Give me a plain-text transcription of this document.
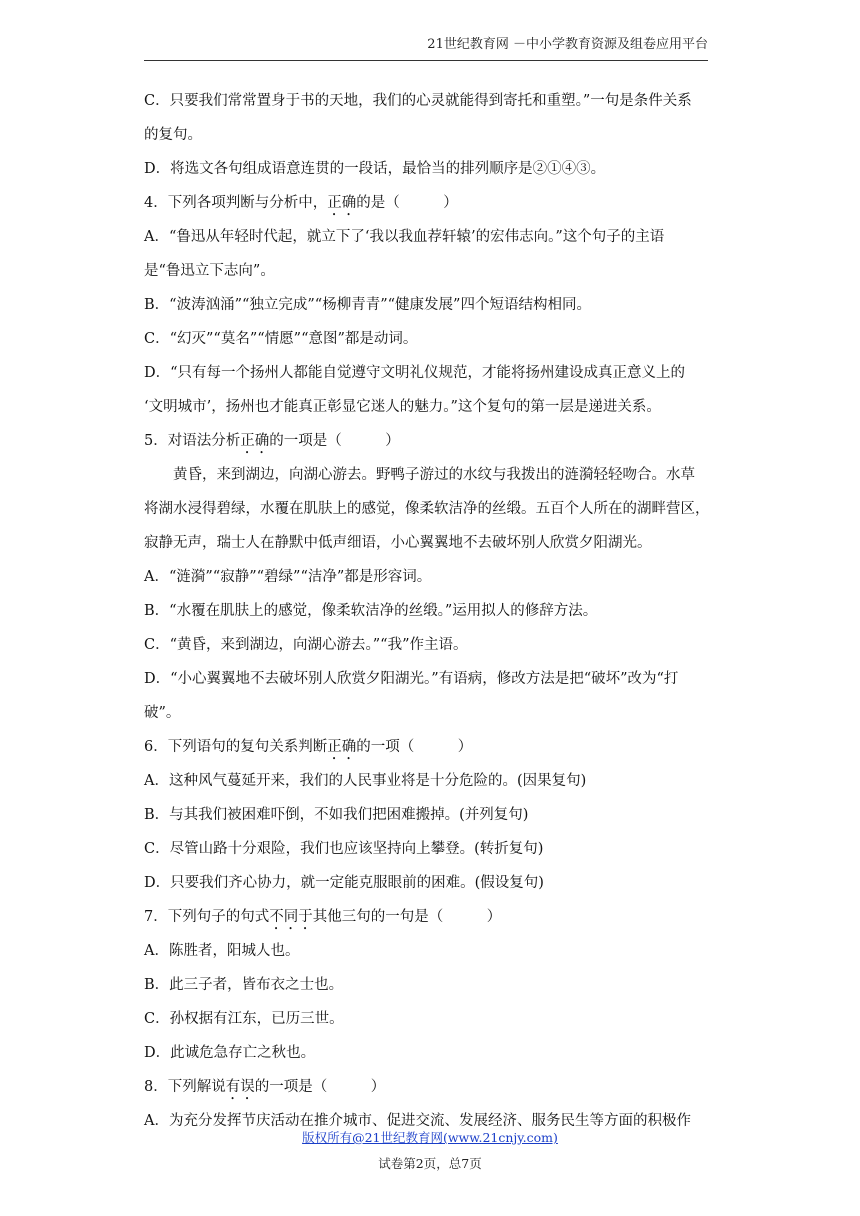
21世纪教育网 －中小学教育资源及组卷应用平台

C．只要我们常常置身于书的天地，我们的心灵就能得到寄托和重塑。”一句是条件关系

的复句。

D．将选文各句组成语意连贯的一段话，最恰当的排列顺序是②①④③。

4．下列各项判断与分析中，正确的是（　　　）

A．“鲁迅从年轻时代起，就立下了‘我以我血荐轩辕’的宏伟志向。”这个句子的主语

是“鲁迅立下志向”。

B．“波涛汹涌”“独立完成”“杨柳青青”“健康发展”四个短语结构相同。

C．“幻灭”“莫名”“情愿”“意图”都是动词。

D．“只有每一个扬州人都能自觉遵守文明礼仪规范，才能将扬州建设成真正意义上的

‘文明城市’，扬州也才能真正彰显它迷人的魅力。”这个复句的第一层是递进关系。

5．对语法分析正确的一项是（　　　）

黄昏，来到湖边，向湖心游去。野鸭子游过的水纹与我拨出的涟漪轻轻吻合。水草

将湖水浸得碧绿，水覆在肌肤上的感觉，像柔软洁净的丝缎。五百个人所在的湖畔营区，

寂静无声，瑞士人在静默中低声细语，小心翼翼地不去破坏别人欣赏夕阳湖光。

A．“涟漪”“寂静”“碧绿”“洁净”都是形容词。

B．“水覆在肌肤上的感觉，像柔软洁净的丝缎。”运用拟人的修辞方法。

C．“黄昏，来到湖边，向湖心游去。”“我”作主语。

D．“小心翼翼地不去破坏别人欣赏夕阳湖光。”有语病，修改方法是把“破坏”改为“打

破”。

6．下列语句的复句关系判断正确的一项（　　　）

A．这种风气蔓延开来，我们的人民事业将是十分危险的。(因果复句)

B．与其我们被困难吓倒，不如我们把困难搬掉。(并列复句)

C．尽管山路十分艰险，我们也应该坚持向上攀登。(转折复句)

D．只要我们齐心协力，就一定能克服眼前的困难。(假设复句)

7．下列句子的句式不同于其他三句的一句是（　　　）

A．陈胜者，阳城人也。

B．此三子者，皆布衣之士也。

C．孙权据有江东，已历三世。

D．此诚危急存亡之秋也。

8．下列解说有误的一项是（　　　）

A．为充分发挥节庆活动在推介城市、促进交流、发展经济、服务民生等方面的积极作

版权所有@21世纪教育网(www.21cnjy.com)
试卷第2页，总7页
